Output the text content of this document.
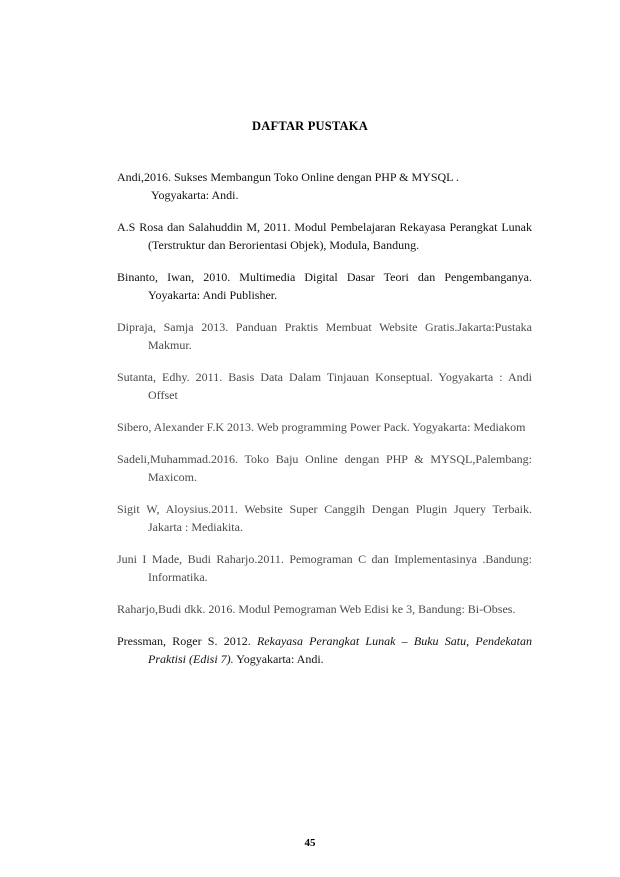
DAFTAR PUSTAKA

Andi,2016. Sukses Membangun Toko Online dengan PHP & MYSQL .
Yogyakarta: Andi.

A.S Rosa dan Salahuddin M, 2011. Modul Pembelajaran Rekayasa Perangkat Lunak (Terstruktur dan Berorientasi Objek), Modula, Bandung.

Binanto, Iwan, 2010. Multimedia Digital Dasar Teori dan Pengembanganya. Yoyakarta: Andi Publisher.

Dipraja, Samja 2013. Panduan Praktis Membuat Website Gratis.Jakarta:Pustaka Makmur.

Sutanta, Edhy. 2011. Basis Data Dalam Tinjauan Konseptual. Yogyakarta : Andi Offset

Sibero, Alexander F.K 2013. Web programming Power Pack. Yogyakarta: Mediakom

Sadeli,Muhammad.2016. Toko Baju Online dengan PHP & MYSQL,Palembang: Maxicom.

Sigit W, Aloysius.2011. Website Super Canggih Dengan Plugin Jquery Terbaik. Jakarta : Mediakita.

Juni I Made, Budi Raharjo.2011. Pemograman C dan Implementasinya .Bandung: Informatika.

Raharjo,Budi dkk. 2016. Modul Pemograman Web Edisi ke 3, Bandung: Bi-Obses.

Pressman, Roger S. 2012. Rekayasa Perangkat Lunak – Buku Satu, Pendekatan Praktisi (Edisi 7). Yogyakarta: Andi.

45
